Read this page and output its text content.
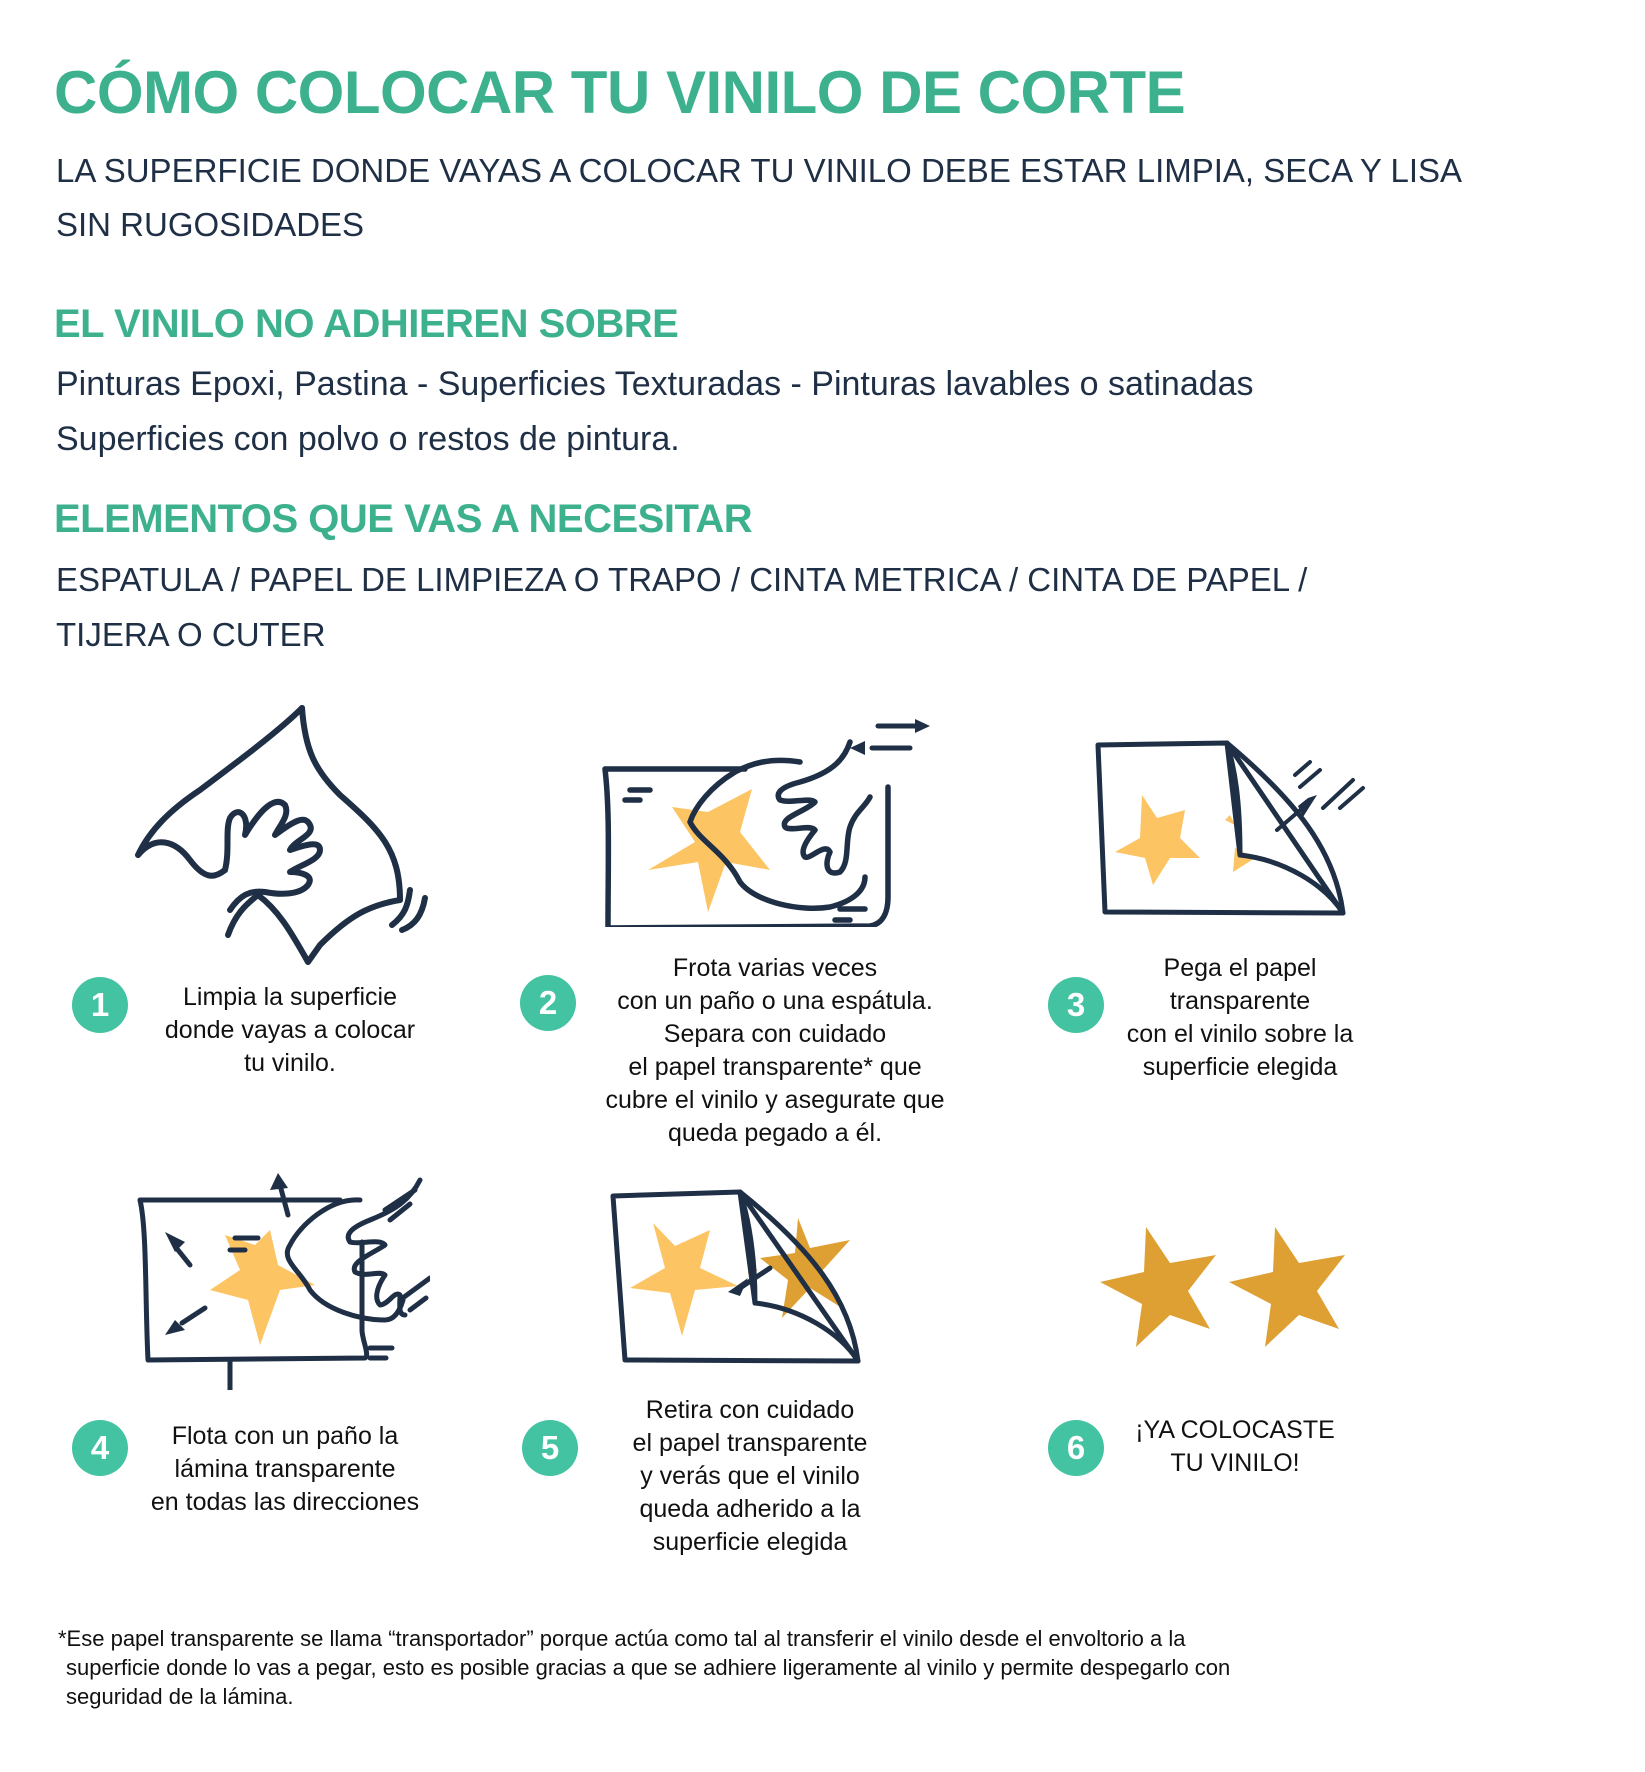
CÓMO COLOCAR TU VINILO DE CORTE
LA SUPERFICIE DONDE VAYAS A COLOCAR TU VINILO DEBE ESTAR LIMPIA, SECA Y LISA
SIN RUGOSIDADES
EL VINILO NO ADHIEREN SOBRE
Pinturas Epoxi, Pastina - Superficies Texturadas - Pinturas lavables o satinadas
Superficies con polvo o restos de pintura.
ELEMENTOS QUE VAS A NECESITAR
ESPATULA / PAPEL DE LIMPIEZA O TRAPO / CINTA METRICA / CINTA DE PAPEL /
TIJERA O CUTER
1	Limpia la superficie
donde vayas a colocar
tu vinilo.
2
Frota varias veces
con un paño o una espátula.
Separa con cuidado
el papel transparente* que
cubre el vinilo y asegurate que
queda pegado a él.
3
Pega el papel
transparente
con el vinilo sobre la
superficie elegida
4	Flota con un paño la
lámina transparente
en todas las direcciones
5
Retira con cuidado
el papel transparente
y verás que el vinilo
queda adherido a la
superficie elegida
6	¡YA COLOCASTE
TU VINILO!
*Ese papel transparente se llama “transportador” porque actúa como tal al transferir el vinilo desde el envoltorio a la
superficie donde lo vas a pegar, esto es posible gracias a que se adhiere ligeramente al vinilo y permite despegarlo con
seguridad de la lámina.
